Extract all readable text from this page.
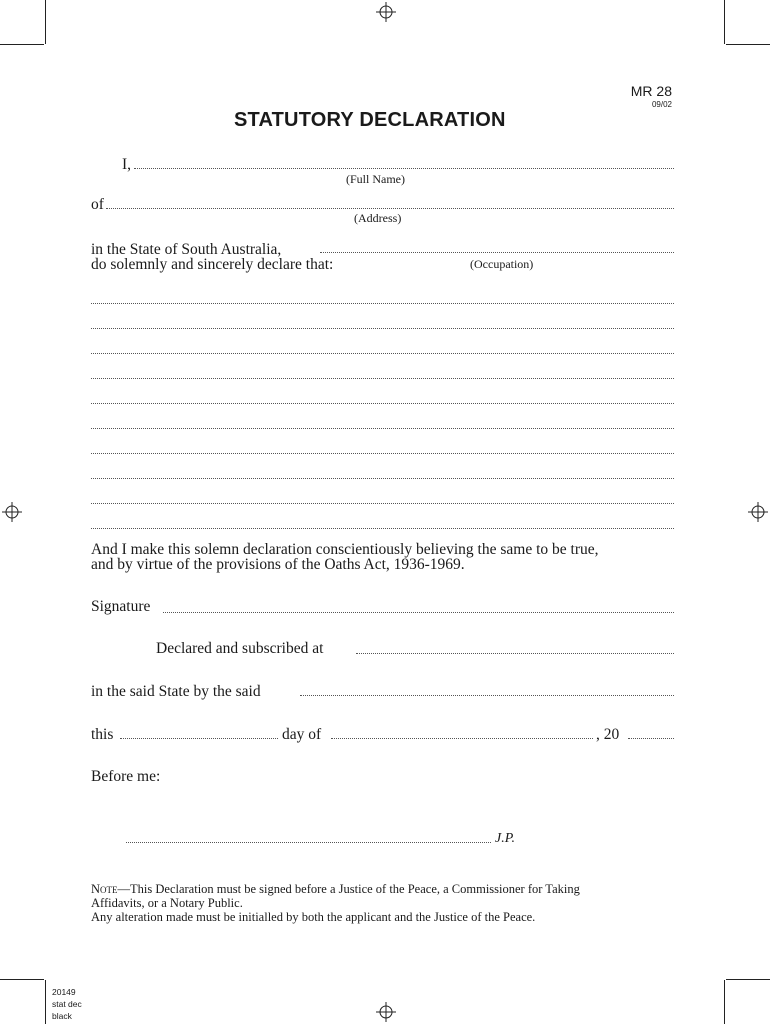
MR 28
09/02
STATUTORY DECLARATION
I,
(Full Name)
of
(Address)
in the State of South Australia,
do solemnly and sincerely declare that:	(Occupation)
And I make this solemn declaration conscientiously believing the same to be true,
and by virtue of the provisions of the Oaths Act, 1936-1969.
Signature
Declared and subscribed at
in the said State by the said
this	day of	, 20
Before me:
J.P.
Note—This Declaration must be signed before a Justice of the Peace, a Commissioner for Taking
Affidavits, or a Notary Public.
Any alteration made must be initialled by both the applicant and the Justice of the Peace.
20149
stat dec
black
